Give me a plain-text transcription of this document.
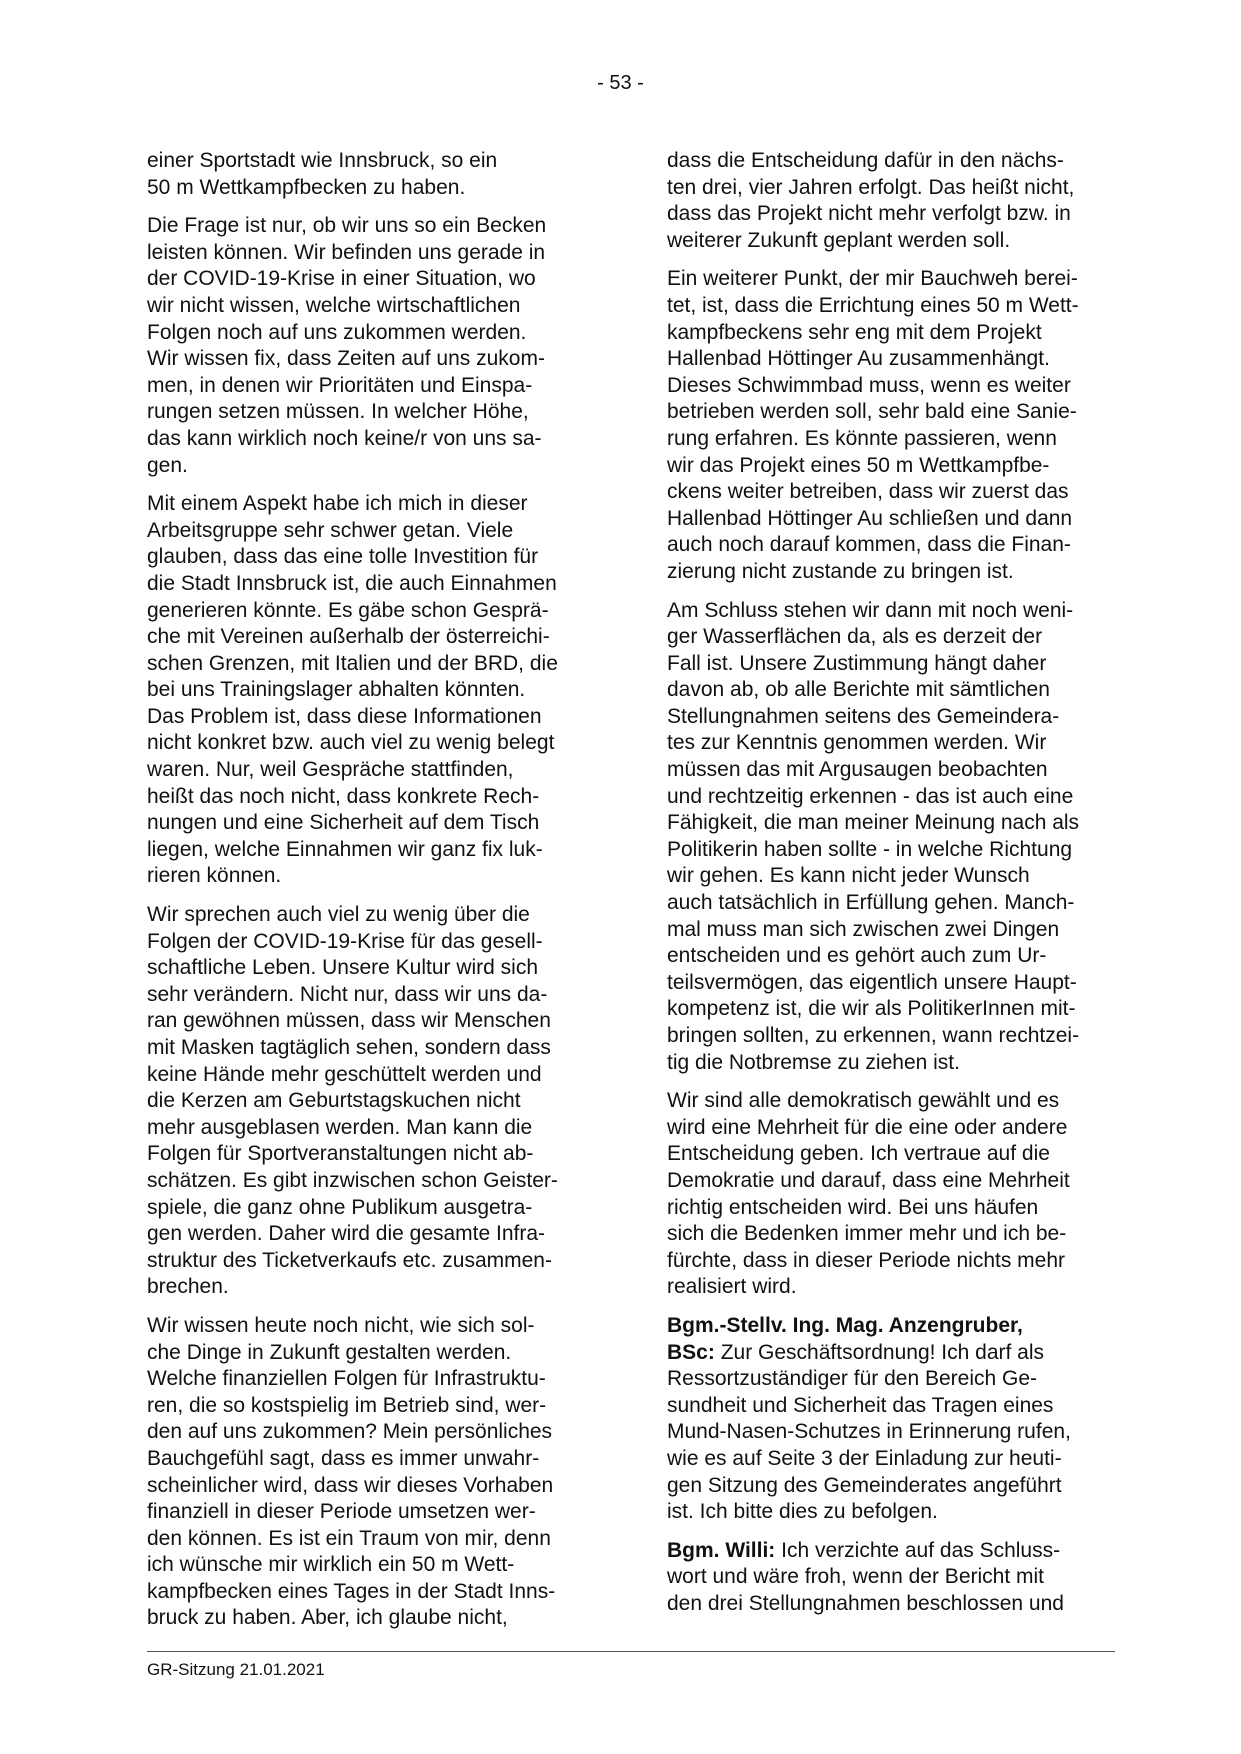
- 53 -

einer Sportstadt wie Innsbruck, so ein
50 m Wettkampfbecken zu haben.

Die Frage ist nur, ob wir uns so ein Becken
leisten können. Wir befinden uns gerade in
der COVID-19-Krise in einer Situation, wo
wir nicht wissen, welche wirtschaftlichen
Folgen noch auf uns zukommen werden.
Wir wissen fix, dass Zeiten auf uns zukom-
men, in denen wir Prioritäten und Einspa-
rungen setzen müssen. In welcher Höhe,
das kann wirklich noch keine/r von uns sa-
gen.

Mit einem Aspekt habe ich mich in dieser
Arbeitsgruppe sehr schwer getan. Viele
glauben, dass das eine tolle Investition für
die Stadt Innsbruck ist, die auch Einnahmen
generieren könnte. Es gäbe schon Gesprä-
che mit Vereinen außerhalb der österreichi-
schen Grenzen, mit Italien und der BRD, die
bei uns Trainingslager abhalten könnten.
Das Problem ist, dass diese Informationen
nicht konkret bzw. auch viel zu wenig belegt
waren. Nur, weil Gespräche stattfinden,
heißt das noch nicht, dass konkrete Rech-
nungen und eine Sicherheit auf dem Tisch
liegen, welche Einnahmen wir ganz fix luk-
rieren können.

Wir sprechen auch viel zu wenig über die
Folgen der COVID-19-Krise für das gesell-
schaftliche Leben. Unsere Kultur wird sich
sehr verändern. Nicht nur, dass wir uns da-
ran gewöhnen müssen, dass wir Menschen
mit Masken tagtäglich sehen, sondern dass
keine Hände mehr geschüttelt werden und
die Kerzen am Geburtstagskuchen nicht
mehr ausgeblasen werden. Man kann die
Folgen für Sportveranstaltungen nicht ab-
schätzen. Es gibt inzwischen schon Geister-
spiele, die ganz ohne Publikum ausgetra-
gen werden. Daher wird die gesamte Infra-
struktur des Ticketverkaufs etc. zusammen-
brechen.

Wir wissen heute noch nicht, wie sich sol-
che Dinge in Zukunft gestalten werden.
Welche finanziellen Folgen für Infrastruktu-
ren, die so kostspielig im Betrieb sind, wer-
den auf uns zukommen? Mein persönliches
Bauchgefühl sagt, dass es immer unwahr-
scheinlicher wird, dass wir dieses Vorhaben
finanziell in dieser Periode umsetzen wer-
den können. Es ist ein Traum von mir, denn
ich wünsche mir wirklich ein 50 m Wett-
kampfbecken eines Tages in der Stadt Inns-
bruck zu haben. Aber, ich glaube nicht,

dass die Entscheidung dafür in den nächs-
ten drei, vier Jahren erfolgt. Das heißt nicht,
dass das Projekt nicht mehr verfolgt bzw. in
weiterer Zukunft geplant werden soll.

Ein weiterer Punkt, der mir Bauchweh berei-
tet, ist, dass die Errichtung eines 50 m Wett-
kampfbeckens sehr eng mit dem Projekt
Hallenbad Höttinger Au zusammenhängt.
Dieses Schwimmbad muss, wenn es weiter
betrieben werden soll, sehr bald eine Sanie-
rung erfahren. Es könnte passieren, wenn
wir das Projekt eines 50 m Wettkampfbe-
ckens weiter betreiben, dass wir zuerst das
Hallenbad Höttinger Au schließen und dann
auch noch darauf kommen, dass die Finan-
zierung nicht zustande zu bringen ist.

Am Schluss stehen wir dann mit noch weni-
ger Wasserflächen da, als es derzeit der
Fall ist. Unsere Zustimmung hängt daher
davon ab, ob alle Berichte mit sämtlichen
Stellungnahmen seitens des Gemeindera-
tes zur Kenntnis genommen werden. Wir
müssen das mit Argusaugen beobachten
und rechtzeitig erkennen - das ist auch eine
Fähigkeit, die man meiner Meinung nach als
Politikerin haben sollte - in welche Richtung
wir gehen. Es kann nicht jeder Wunsch
auch tatsächlich in Erfüllung gehen. Manch-
mal muss man sich zwischen zwei Dingen
entscheiden und es gehört auch zum Ur-
teilsvermögen, das eigentlich unsere Haupt-
kompetenz ist, die wir als PolitikerInnen mit-
bringen sollten, zu erkennen, wann rechtzei-
tig die Notbremse zu ziehen ist.

Wir sind alle demokratisch gewählt und es
wird eine Mehrheit für die eine oder andere
Entscheidung geben. Ich vertraue auf die
Demokratie und darauf, dass eine Mehrheit
richtig entscheiden wird. Bei uns häufen
sich die Bedenken immer mehr und ich be-
fürchte, dass in dieser Periode nichts mehr
realisiert wird.

Bgm.-Stellv. Ing. Mag. Anzengruber,
BSc: Zur Geschäftsordnung! Ich darf als
Ressortzuständiger für den Bereich Ge-
sundheit und Sicherheit das Tragen eines
Mund-Nasen-Schutzes in Erinnerung rufen,
wie es auf Seite 3 der Einladung zur heuti-
gen Sitzung des Gemeinderates angeführt
ist. Ich bitte dies zu befolgen.

Bgm. Willi: Ich verzichte auf das Schluss-
wort und wäre froh, wenn der Bericht mit
den drei Stellungnahmen beschlossen und

GR-Sitzung 21.01.2021
